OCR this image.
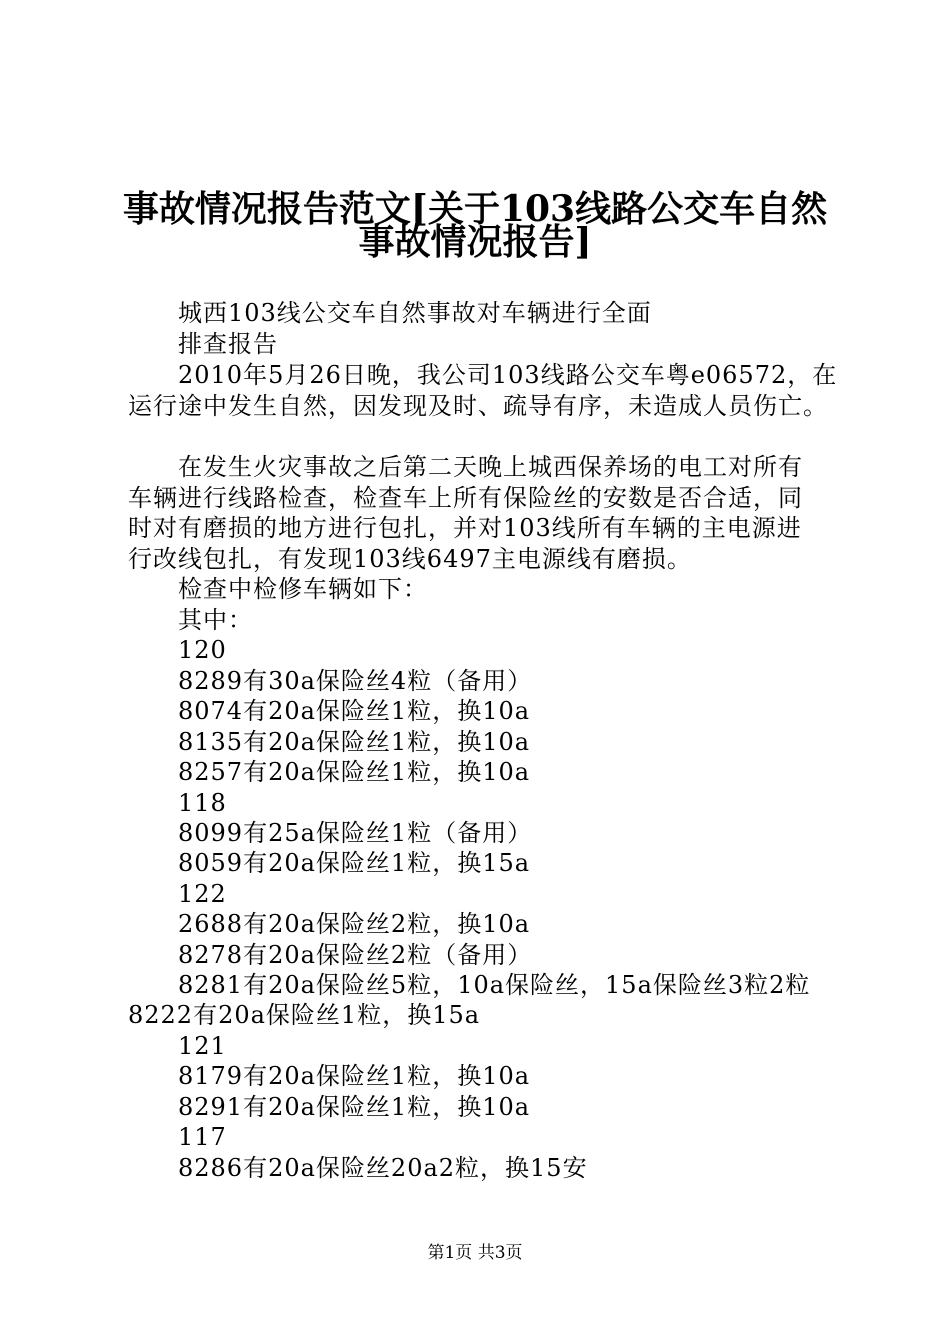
事故情况报告范文[关于103线路公交车自然
事故情况报告]
城西103线公交车自然事故对车辆进行全面
排查报告
2010年5月26日晚，我公司103线路公交车粤e06572，在
运行途中发生自然，因发现及时、疏导有序，未造成人员伤亡。
在发生火灾事故之后第二天晚上城西保养场的电工对所有
车辆进行线路检查，检查车上所有保险丝的安数是否合适，同
时对有磨损的地方进行包扎，并对103线所有车辆的主电源进
行改线包扎，有发现103线6497主电源线有磨损。
检查中检修车辆如下：
其中：
120
8289有30a保险丝4粒（备用）
8074有20a保险丝1粒，换10a
8135有20a保险丝1粒，换10a
8257有20a保险丝1粒，换10a
118
8099有25a保险丝1粒（备用）
8059有20a保险丝1粒，换15a
122
2688有20a保险丝2粒，换10a
8278有20a保险丝2粒（备用）
8281有20a保险丝5粒，10a保险丝，15a保险丝3粒2粒
8222有20a保险丝1粒，换15a
121
8179有20a保险丝1粒，换10a
8291有20a保险丝1粒，换10a
117
8286有20a保险丝20a2粒，换15安
第1页 共3页
